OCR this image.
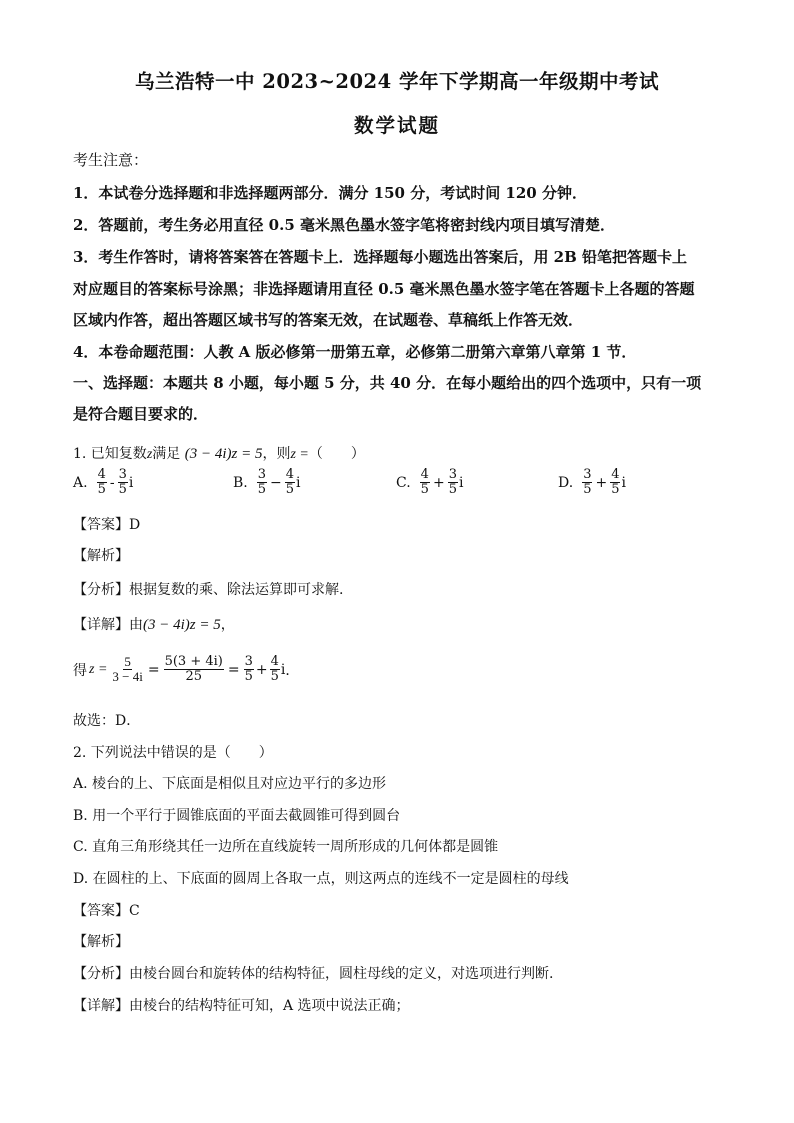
乌兰浩特一中 2023~2024 学年下学期高一年级期中考试
数学试题
考生注意：
1．本试卷分选择题和非选择题两部分．满分 150 分，考试时间 120 分钟．
2．答题前，考生务必用直径 0.5 毫米黑色墨水签字笔将密封线内项目填写清楚．
3．考生作答时，请将答案答在答题卡上．选择题每小题选出答案后，用 2B 铅笔把答题卡上
对应题目的答案标号涂黑；非选择题请用直径 0.5 毫米黑色墨水签字笔在答题卡上各题的答题
区域内作答，超出答题区域书写的答案无效，在试题卷、草稿纸上作答无效．
4．本卷命题范围：人教 A 版必修第一册第五章，必修第二册第六章第八章第 1 节．
一、选择题：本题共 8 小题，每小题 5 分，共 40 分．在每小题给出的四个选项中，只有一项
是符合题目要求的．
1. 已知复数z满足 (3 − 4i)z = 5，则z =（　　）
A. $\frac{4}{5} - \frac{3}{5}$ i	B. $\frac{3}{5} - \frac{4}{5}$ i	C. $\frac{4}{5} + \frac{3}{5}$ i	D. $\frac{3}{5} + \frac{4}{5}$ i
【答案】D
【解析】
【分析】根据复数的乘、除法运算即可求解.
【详解】由(3 − 4i)z = 5，
得 $z = \frac{5}{3 - 4i} = \frac{5(3 + 4i)}{25} = \frac{3}{5} + \frac{4}{5}$ i ．
故选：D．
2. 下列说法中错误的是（　　）
A. 棱台的上、下底面是相似且对应边平行的多边形
B. 用一个平行于圆锥底面的平面去截圆锥可得到圆台
C. 直角三角形绕其任一边所在直线旋转一周所形成的几何体都是圆锥
D. 在圆柱的上、下底面的圆周上各取一点，则这两点的连线不一定是圆柱的母线
【答案】C
【解析】
【分析】由棱台圆台和旋转体的结构特征，圆柱母线的定义，对选项进行判断.
【详解】由棱台的结构特征可知，A 选项中说法正确；
